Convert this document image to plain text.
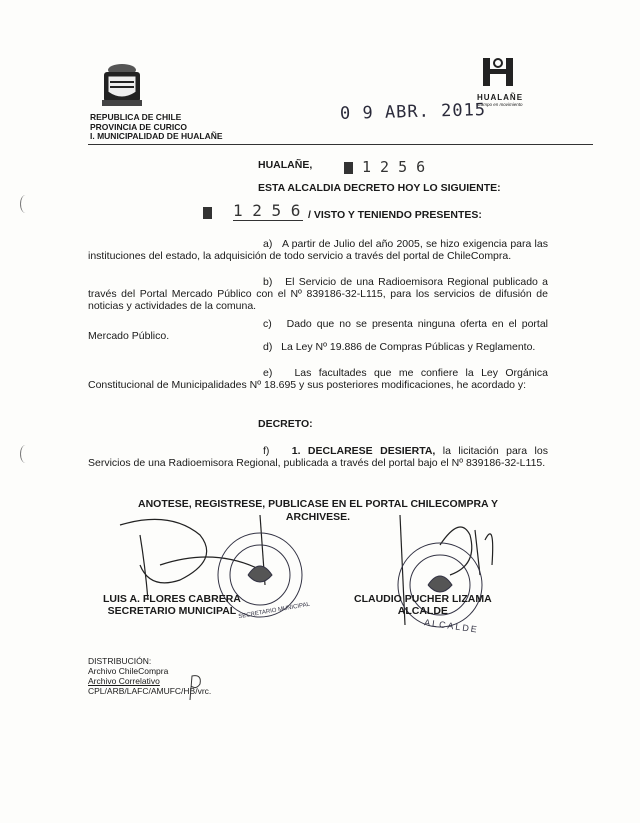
REPUBLICA DE CHILE
PROVINCIA DE CURICO
I. MUNICIPALIDAD DE HUALAÑE
0 9 ABR. 2015
HUALAÑE
Campo en movimiento
HUALAÑE,	1 2 5 6
ESTA ALCALDIA DECRETO HOY LO SIGUIENTE:
1 2 5 6 / VISTO Y TENIENDO PRESENTES:
a) A partir de Julio del año 2005, se hizo exigencia para las instituciones del estado, la adquisición de todo servicio a través del portal de ChileCompra.
b) El Servicio de una Radioemisora Regional publicado a través del Portal Mercado Público con el Nº 839186-32-L115, para los servicios de difusión de noticias y actividades de la comuna.
c) Dado que no se presenta ninguna oferta en el portal Mercado Público.
d) La Ley Nº 19.886 de Compras Públicas y Reglamento.
e) Las facultades que me confiere la Ley Orgánica Constitucional de Municipalidades Nº 18.695 y sus posteriores modificaciones, he acordado y:
DECRETO:
f) 1. DECLARESE DESIERTA, la licitación para los Servicios de una Radioemisora Regional, publicada a través del portal bajo el Nº 839186-32-L115.
ANOTESE, REGISTRESE, PUBLICASE EN EL PORTAL CHILECOMPRA Y
ARCHIVESE.
SECRETARIO MUNICIPAL
ALCALDE
LUIS A. FLORES CABRERA
SECRETARIO MUNICIPAL
CLAUDIO PUCHER LIZAMA
ALCALDE
DISTRIBUCIÓN:
Archivo ChileCompra
Archivo Correlativo
CPL/ARB/LAFC/AMUFC/HB/vrc.
